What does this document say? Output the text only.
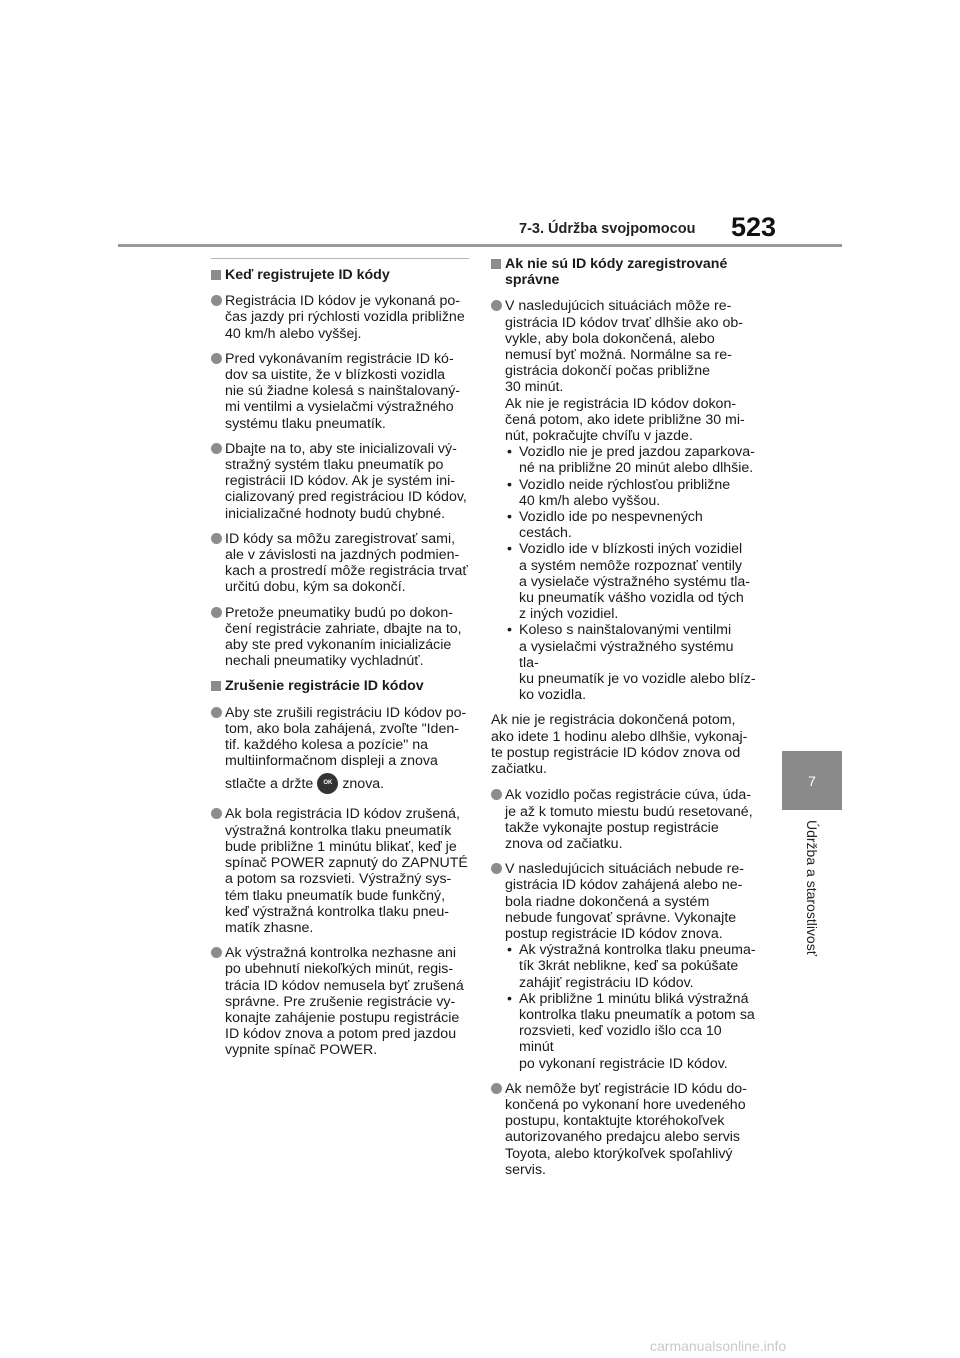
7-3. Údržba svojpomocou 523
7
Údržba a starostlivosť
Keď registrujete ID kódy
Registrácia ID kódov je vykonaná po-
čas jazdy pri rýchlosti vozidla približne
40 km/h alebo vyššej.
Pred vykonávaním registrácie ID kó-
dov sa uistite, že v blízkosti vozidla
nie sú žiadne kolesá s nainštalovaný-
mi ventilmi a vysielačmi výstražného
systému tlaku pneumatík.
Dbajte na to, aby ste inicializovali vý-
stražný systém tlaku pneumatík po
registrácii ID kódov. Ak je systém ini-
cializovaný pred registráciou ID kódov,
inicializačné hodnoty budú chybné.
ID kódy sa môžu zaregistrovať sami,
ale v závislosti na jazdných podmien-
kach a prostredí môže registrácia trvať
určitú dobu, kým sa dokončí.
Pretože pneumatiky budú po dokon-
čení registrácie zahriate, dbajte na to,
aby ste pred vykonaním inicializácie
nechali pneumatiky vychladnúť.
Zrušenie registrácie ID kódov
Aby ste zrušili registráciu ID kódov po-
tom, ako bola zahájená, zvoľte "Iden-
tif. každého kolesa a pozície" na
multiinformačnom displeji a znova
stlačte a držte OK znova.
Ak bola registrácia ID kódov zrušená,
výstražná kontrolka tlaku pneumatík
bude približne 1 minútu blikať, keď je
spínač POWER zapnutý do ZAPNUTÉ
a potom sa rozsvieti. Výstražný sys-
tém tlaku pneumatík bude funkčný,
keď výstražná kontrolka tlaku pneu-
matík zhasne.
Ak výstražná kontrolka nezhasne ani
po ubehnutí niekoľkých minút, regis-
trácia ID kódov nemusela byť zrušená
správne. Pre zrušenie registrácie vy-
konajte zahájenie postupu registrácie
ID kódov znova a potom pred jazdou
vypnite spínač POWER.
Ak nie sú ID kódy zaregistrované
správne
V nasledujúcich situáciách môže re-
gistrácia ID kódov trvať dlhšie ako ob-
vykle, aby bola dokončená, alebo
nemusí byť možná. Normálne sa re-
gistrácia dokončí počas približne
30 minút.
Ak nie je registrácia ID kódov dokon-
čená potom, ako idete približne 30 mi-
nút, pokračujte chvíľu v jazde.
• Vozidlo nie je pred jazdou zaparkova-
né na približne 20 minút alebo dlhšie.
• Vozidlo neide rýchlosťou približne
40 km/h alebo vyššou.
• Vozidlo ide po nespevnených cestách.
• Vozidlo ide v blízkosti iných vozidiel
a systém nemôže rozpoznať ventily
a vysielače výstražného systému tla-
ku pneumatík vášho vozidla od tých
z iných vozidiel.
• Koleso s nainštalovanými ventilmi
a vysielačmi výstražného systému tla-
ku pneumatík je vo vozidle alebo blíz-
ko vozidla.
Ak nie je registrácia dokončená potom,
ako idete 1 hodinu alebo dlhšie, vykonaj-
te postup registrácie ID kódov znova od
začiatku.
Ak vozidlo počas registrácie cúva, úda-
je až k tomuto miestu budú resetované,
takže vykonajte postup registrácie
znova od začiatku.
V nasledujúcich situáciách nebude re-
gistrácia ID kódov zahájená alebo ne-
bola riadne dokončená a systém
nebude fungovať správne. Vykonajte
postup registrácie ID kódov znova.
• Ak výstražná kontrolka tlaku pneuma-
tík 3krát neblikne, keď sa pokúšate
zahájiť registráciu ID kódov.
• Ak približne 1 minútu bliká výstražná
kontrolka tlaku pneumatík a potom sa
rozsvieti, keď vozidlo išlo cca 10 minút
po vykonaní registrácie ID kódov.
Ak nemôže byť registrácie ID kódu do-
končená po vykonaní hore uvedeného
postupu, kontaktujte ktoréhokoľvek
autorizovaného predajcu alebo servis
Toyota, alebo ktorýkoľvek spoľahlivý
servis.
carmanualsonline.info
